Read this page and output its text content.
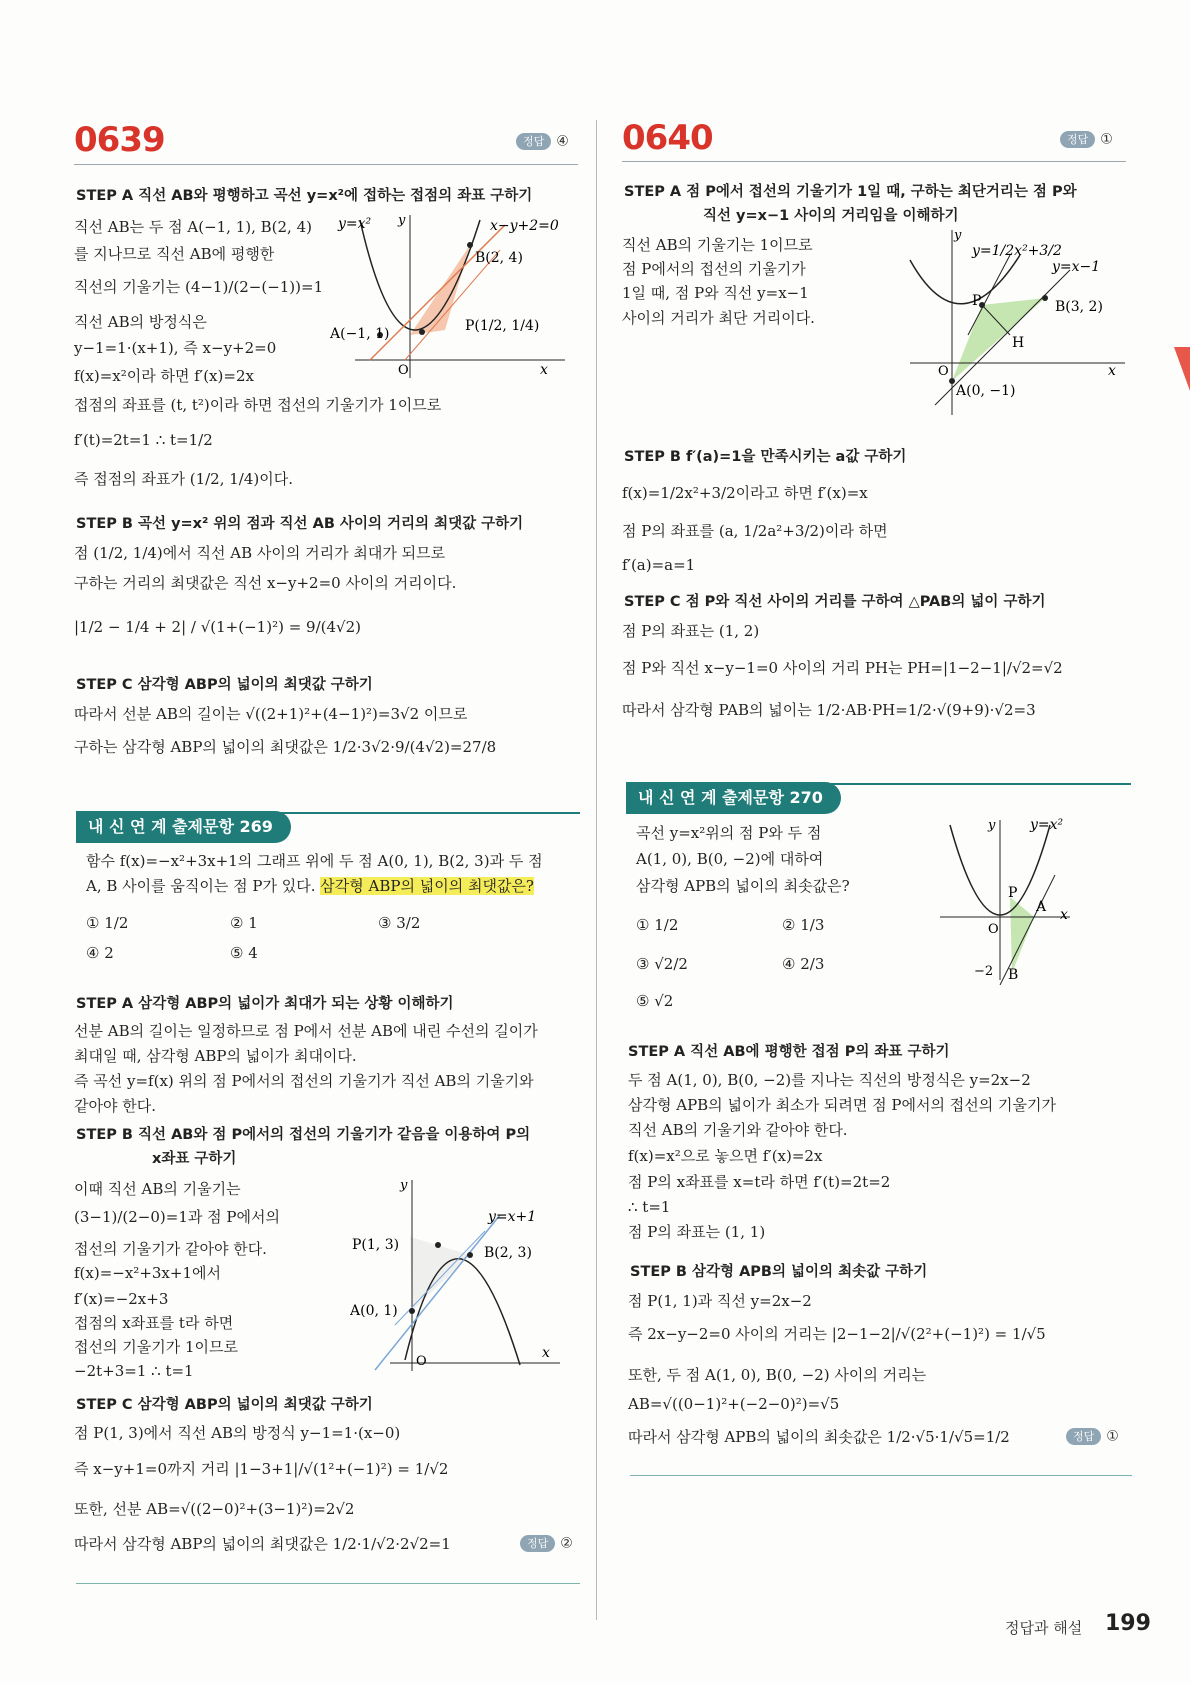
0639	정답 ④
STEP A 직선 AB와 평행하고 곡선 y=x²에 접하는 접점의 좌표 구하기
직선 AB는 두 점 A(−1, 1), B(2, 4)
를 지나므로 직선 AB에 평행한
직선의 기울기는 (4−1)/(2−(−1))=1
직선 AB의 방정식은
y−1=1·(x+1), 즉 x−y+2=0
f(x)=x²이라 하면 f′(x)=2x
접점의 좌표를 (t, t²)이라 하면 접선의 기울기가 1이므로
f′(t)=2t=1 ∴ t=1/2
즉 접점의 좌표가 (1/2, 1/4)이다.
y=x² y	x−y+2=0
B(2, 4)
A(−1, 1)	P(1/2, 1/4)
O	x
STEP B 곡선 y=x² 위의 점과 직선 AB 사이의 거리의 최댓값 구하기
점 (1/2, 1/4)에서 직선 AB 사이의 거리가 최대가 되므로
구하는 거리의 최댓값은 직선 x−y+2=0 사이의 거리이다.
|1/2 − 1/4 + 2| / √(1+(−1)²) = 9/(4√2)
STEP C 삼각형 ABP의 넓이의 최댓값 구하기
따라서 선분 AB의 길이는 √((2+1)²+(4−1)²)=3√2 이므로
구하는 삼각형 ABP의 넓이의 최댓값은 1/2·3√2·9/(4√2)=27/8
내 신 연 계 출제문항 269
함수 f(x)=−x²+3x+1의 그래프 위에 두 점 A(0, 1), B(2, 3)과 두 점
A, B 사이를 움직이는 점 P가 있다. 삼각형 ABP의 넓이의 최댓값은?
① 1/2	② 1	③ 3/2
④ 2	⑤ 4
STEP A 삼각형 ABP의 넓이가 최대가 되는 상황 이해하기
선분 AB의 길이는 일정하므로 점 P에서 선분 AB에 내린 수선의 길이가
최대일 때, 삼각형 ABP의 넓이가 최대이다.
즉 곡선 y=f(x) 위의 점 P에서의 접선의 기울기가 직선 AB의 기울기와
같아야 한다.
STEP B 직선 AB와 점 P에서의 접선의 기울기가 같음을 이용하여 P의
x좌표 구하기
이때 직선 AB의 기울기는
(3−1)/(2−0)=1과 점 P에서의
접선의 기울기가 같아야 한다.
f(x)=−x²+3x+1에서
f′(x)=−2x+3
접점의 x좌표를 t라 하면
접선의 기울기가 1이므로
−2t+3=1 ∴ t=1
y
y=x+1
P(1, 3)	B(2, 3)
A(0, 1)
O
x
STEP C 삼각형 ABP의 넓이의 최댓값 구하기
점 P(1, 3)에서 직선 AB의 방정식 y−1=1·(x−0)
즉 x−y+1=0까지 거리 |1−3+1|/√(1²+(−1)²) = 1/√2
또한, 선분 AB=√((2−0)²+(3−1)²)=2√2
따라서 삼각형 ABP의 넓이의 최댓값은 1/2·1/√2·2√2=1	정답 ②
0640	정답 ①
STEP A 점 P에서 접선의 기울기가 1일 때, 구하는 최단거리는 점 P와
직선 y=x−1 사이의 거리임을 이해하기
직선 AB의 기울기는 1이므로
점 P에서의 접선의 기울기가
1일 때, 점 P와 직선 y=x−1
사이의 거리가 최단 거리이다.
y
y=1/2x²+3/2
y=x−1
P	B(3, 2)
H
O
A(0, −1)
x
STEP B f′(a)=1을 만족시키는 a값 구하기
f(x)=1/2x²+3/2이라고 하면 f′(x)=x
점 P의 좌표를 (a, 1/2a²+3/2)이라 하면
f′(a)=a=1
STEP C 점 P와 직선 사이의 거리를 구하여 △PAB의 넓이 구하기
점 P의 좌표는 (1, 2)
점 P와 직선 x−y−1=0 사이의 거리 PH는 PH=|1−2−1|/√2=√2
따라서 삼각형 PAB의 넓이는 1/2·AB·PH=1/2·√(9+9)·√2=3
내 신 연 계 출제문항 270
곡선 y=x²위의 점 P와 두 점
A(1, 0), B(0, −2)에 대하여
삼각형 APB의 넓이의 최솟값은?
① 1/2	② 1/3
③ √2/2	④ 2/3
⑤ √2
y y=x²
P
A
O
x
−2 B
STEP A 직선 AB에 평행한 접점 P의 좌표 구하기
두 점 A(1, 0), B(0, −2)를 지나는 직선의 방정식은 y=2x−2
삼각형 APB의 넓이가 최소가 되려면 점 P에서의 접선의 기울기가
직선 AB의 기울기와 같아야 한다.
f(x)=x²으로 놓으면 f′(x)=2x
점 P의 x좌표를 x=t라 하면 f′(t)=2t=2
∴ t=1
점 P의 좌표는 (1, 1)
STEP B 삼각형 APB의 넓이의 최솟값 구하기
점 P(1, 1)과 직선 y=2x−2
즉 2x−y−2=0 사이의 거리는 |2−1−2|/√(2²+(−1)²) = 1/√5
또한, 두 점 A(1, 0), B(0, −2) 사이의 거리는
AB=√((0−1)²+(−2−0)²)=√5
따라서 삼각형 APB의 넓이의 최솟값은 1/2·√5·1/√5=1/2	정답 ①
정답과 해설 199
